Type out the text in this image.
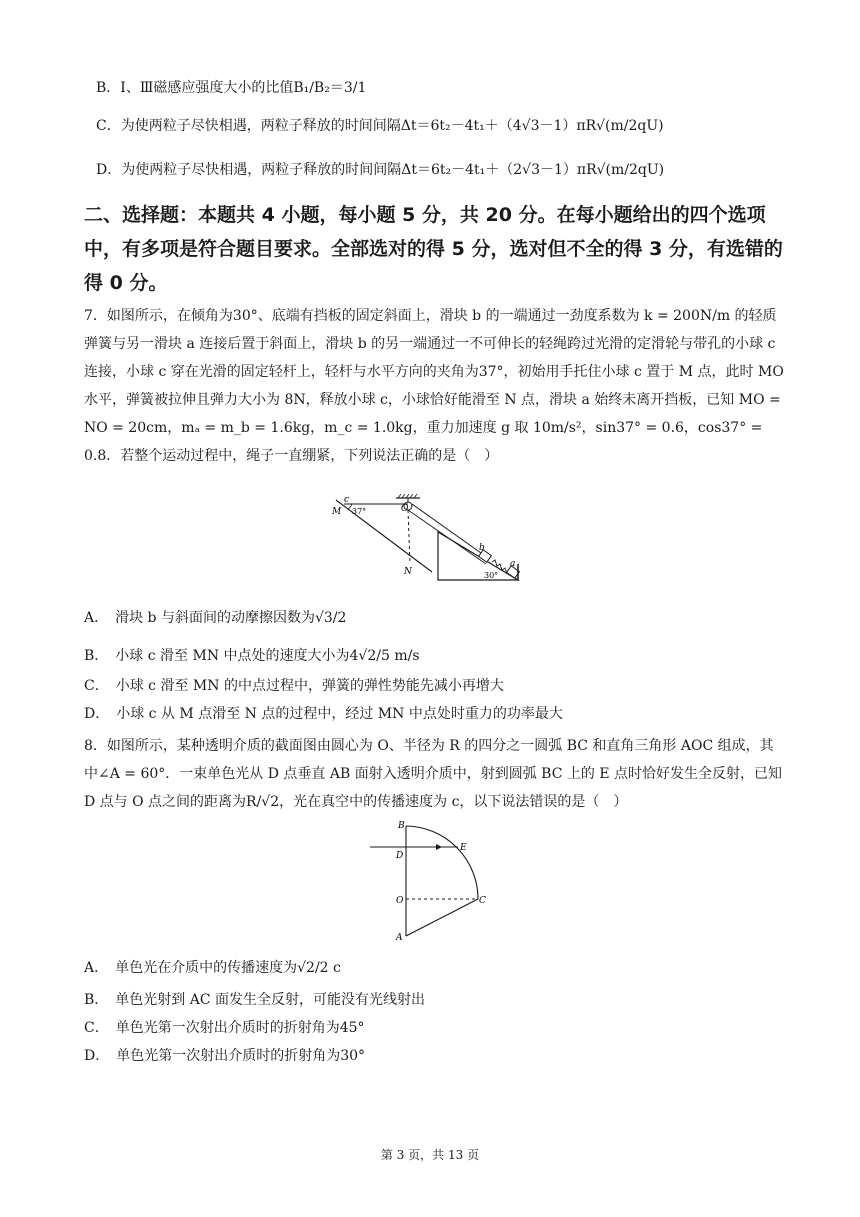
B．Ⅰ、Ⅲ磁感应强度大小的比值B₁/B₂＝3/1
C．为使两粒子尽快相遇，两粒子释放的时间间隔Δt＝6t₂－4t₁＋（4√3－1）πR√(m/2qU)
D．为使两粒子尽快相遇，两粒子释放的时间间隔Δt＝6t₂－4t₁＋（2√3－1）πR√(m/2qU)
二、选择题：本题共 4 小题，每小题 5 分，共 20 分。在每小题给出的四个选项中，有多项是符合题目要求。全部选对的得 5 分，选对但不全的得 3 分，有选错的得 0 分。
7．如图所示，在倾角为30°、底端有挡板的固定斜面上，滑块 b 的一端通过一劲度系数为 k = 200N/m 的轻质弹簧与另一滑块 a 连接后置于斜面上，滑块 b 的另一端通过一不可伸长的轻绳跨过光滑的定滑轮与带孔的小球 c 连接，小球 c 穿在光滑的固定轻杆上，轻杆与水平方向的夹角为37°，初始用手托住小球 c 置于 M 点，此时 MO 水平，弹簧被拉伸且弹力大小为 8N，释放小球 c，小球恰好能滑至 N 点，滑块 a 始终未离开挡板，已知 MO = NO = 20cm，mₐ = m_b = 1.6kg，m_c = 1.0kg，重力加速度 g 取 10m/s²，sin37° = 0.6，cos37° = 0.8．若整个运动过程中，绳子一直绷紧，下列说法正确的是（　）
c
M 37°	O
N
b
a
30°
A．　滑块 b 与斜面间的动摩擦因数为√3/2
B．　小球 c 滑至 MN 中点处的速度大小为4√2/5 m/s
C．　小球 c 滑至 MN 的中点过程中，弹簧的弹性势能先减小再增大
D．　小球 c 从 M 点滑至 N 点的过程中，经过 MN 中点处时重力的功率最大
8．如图所示，某种透明介质的截面图由圆心为 O、半径为 R 的四分之一圆弧 BC 和直角三角形 AOC 组成，其中∠A = 60°．一束单色光从 D 点垂直 AB 面射入透明介质中，射到圆弧 BC 上的 E 点时恰好发生全反射，已知 D 点与 O 点之间的距离为R/√2，光在真空中的传播速度为 c，以下说法错误的是（　）
B
D
E
O	C
A
A．　单色光在介质中的传播速度为√2/2 c
B．　单色光射到 AC 面发生全反射，可能没有光线射出
C．　单色光第一次射出介质时的折射角为45°
D．　单色光第一次射出介质时的折射角为30°
第 3 页，共 13 页
